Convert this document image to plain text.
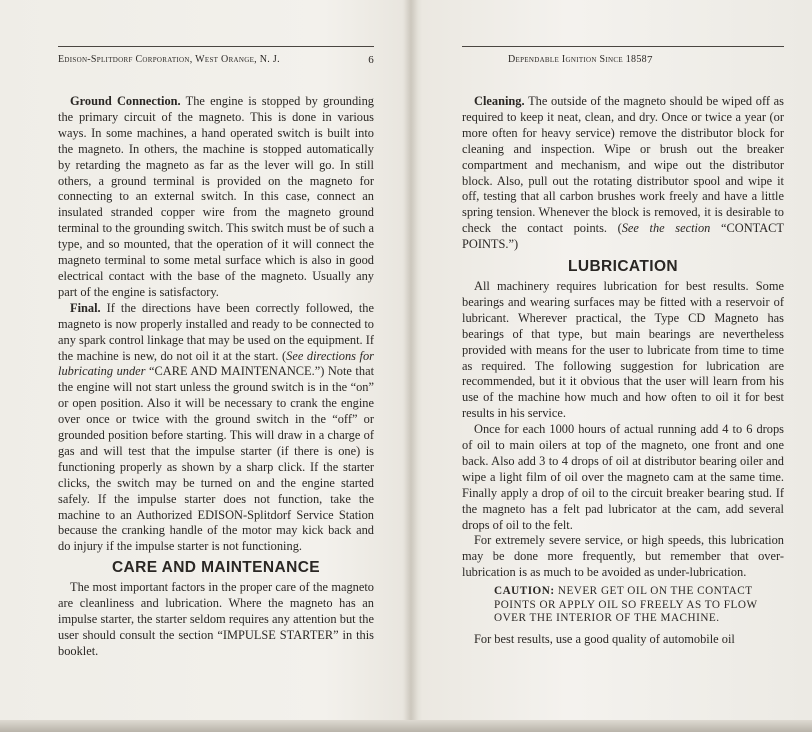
Edison-Splitdorf Corporation, West Orange, N. J.	6

Ground Connection. The engine is stopped by grounding the primary circuit of the magneto. This is done in various ways. In some machines, a hand operated switch is built into the magneto. In others, the machine is stopped automatically by retarding the magneto as far as the lever will go. In still others, a ground terminal is provided on the magneto for connecting to an external switch. In this case, connect an insulated stranded copper wire from the magneto ground terminal to the grounding switch. This switch must be of such a type, and so mounted, that the operation of it will connect the magneto terminal to some metal surface which is also in good electrical contact with the base of the magneto. Usually any part of the engine is satisfactory.

Final. If the directions have been correctly followed, the magneto is now properly installed and ready to be connected to any spark control linkage that may be used on the equipment. If the machine is new, do not oil it at the start. (See directions for lubricating under “CARE AND MAINTENANCE.”) Note that the engine will not start unless the ground switch is in the “on” or open position. Also it will be necessary to crank the engine over once or twice with the ground switch in the “off” or grounded position before starting. This will draw in a charge of gas and will test that the impulse starter (if there is one) is functioning properly as shown by a sharp click. If the starter clicks, the switch may be turned on and the engine started safely. If the impulse starter does not function, take the machine to an Authorized EDISON-Splitdorf Service Station because the cranking handle of the motor may kick back and do injury if the impulse starter is not functioning.

CARE AND MAINTENANCE

The most important factors in the proper care of the magneto are cleanliness and lubrication. Where the magneto has an impulse starter, the starter seldom requires any attention but the user should consult the section “IMPULSE STARTER” in this booklet.

Dependable Ignition Since 1858 7

Cleaning. The outside of the magneto should be wiped off as required to keep it neat, clean, and dry. Once or twice a year (or more often for heavy service) remove the distributor block for cleaning and inspection. Wipe or brush out the breaker compartment and mechanism, and wipe out the distributor block. Also, pull out the rotating distributor spool and wipe it off, testing that all carbon brushes work freely and have a little spring tension. Whenever the block is removed, it is desirable to check the contact points. (See the section “CONTACT POINTS.”)

LUBRICATION

All machinery requires lubrication for best results. Some bearings and wearing surfaces may be fitted with a reservoir of lubricant. Wherever practical, the Type CD Magneto has bearings of that type, but main bearings are nevertheless provided with means for the user to lubricate from time to time as required. The following suggestion for lubrication are recommended, but it it obvious that the user will learn from his use of the machine how much and how often to oil it for best results in his service.

Once for each 1000 hours of actual running add 4 to 6 drops of oil to main oilers at top of the magneto, one front and one back. Also add 3 to 4 drops of oil at distributor bearing oiler and wipe a light film of oil over the magneto cam at the same time. Finally apply a drop of oil to the circuit breaker bearing stud. If the magneto has a felt pad lubricator at the cam, add several drops of oil to the felt.

For extremely severe service, or high speeds, this lubrication may be done more frequently, but remember that over-lubrication is as much to be avoided as under-lubrication.

CAUTION: NEVER GET OIL ON THE CONTACT POINTS OR APPLY OIL SO FREELY AS TO FLOW OVER THE INTERIOR OF THE MACHINE.

For best results, use a good quality of automobile oil
